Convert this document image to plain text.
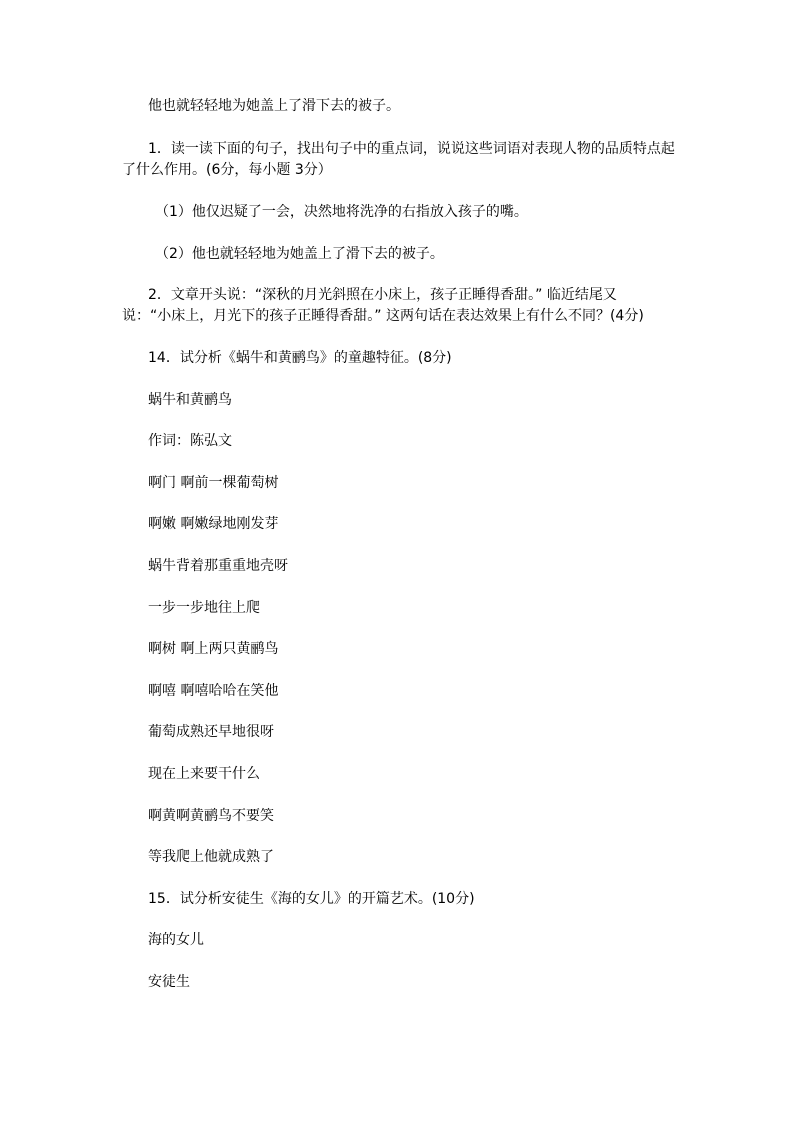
他也就轻轻地为她盖上了滑下去的被子。
1．读一读下面的句子，找出句子中的重点词，说说这些词语对表现人物的品质特点起了什么作用。(6分，每小题 3分）
（1）他仅迟疑了一会，决然地将洗净的右指放入孩子的嘴。
（2）他也就轻轻地为她盖上了滑下去的被子。
2．文章开头说：“深秋的月光斜照在小床上，孩子正睡得香甜。” 临近结尾又说：“小床上，月光下的孩子正睡得香甜。” 这两句话在表达效果上有什么不同？(4分)
14．试分析《蜗牛和黄鹂鸟》的童趣特征。(8分)
蜗牛和黄鹂鸟
作词：陈弘文
啊门 啊前一棵葡萄树
啊嫩 啊嫩绿地刚发芽
蜗牛背着那重重地壳呀
一步一步地往上爬
啊树 啊上两只黄鹂鸟
啊嘻 啊嘻哈哈在笑他
葡萄成熟还早地很呀
现在上来要干什么
啊黄啊黄鹂鸟不要笑
等我爬上他就成熟了
15．试分析安徒生《海的女儿》的开篇艺术。(10分)
海的女儿
安徒生
